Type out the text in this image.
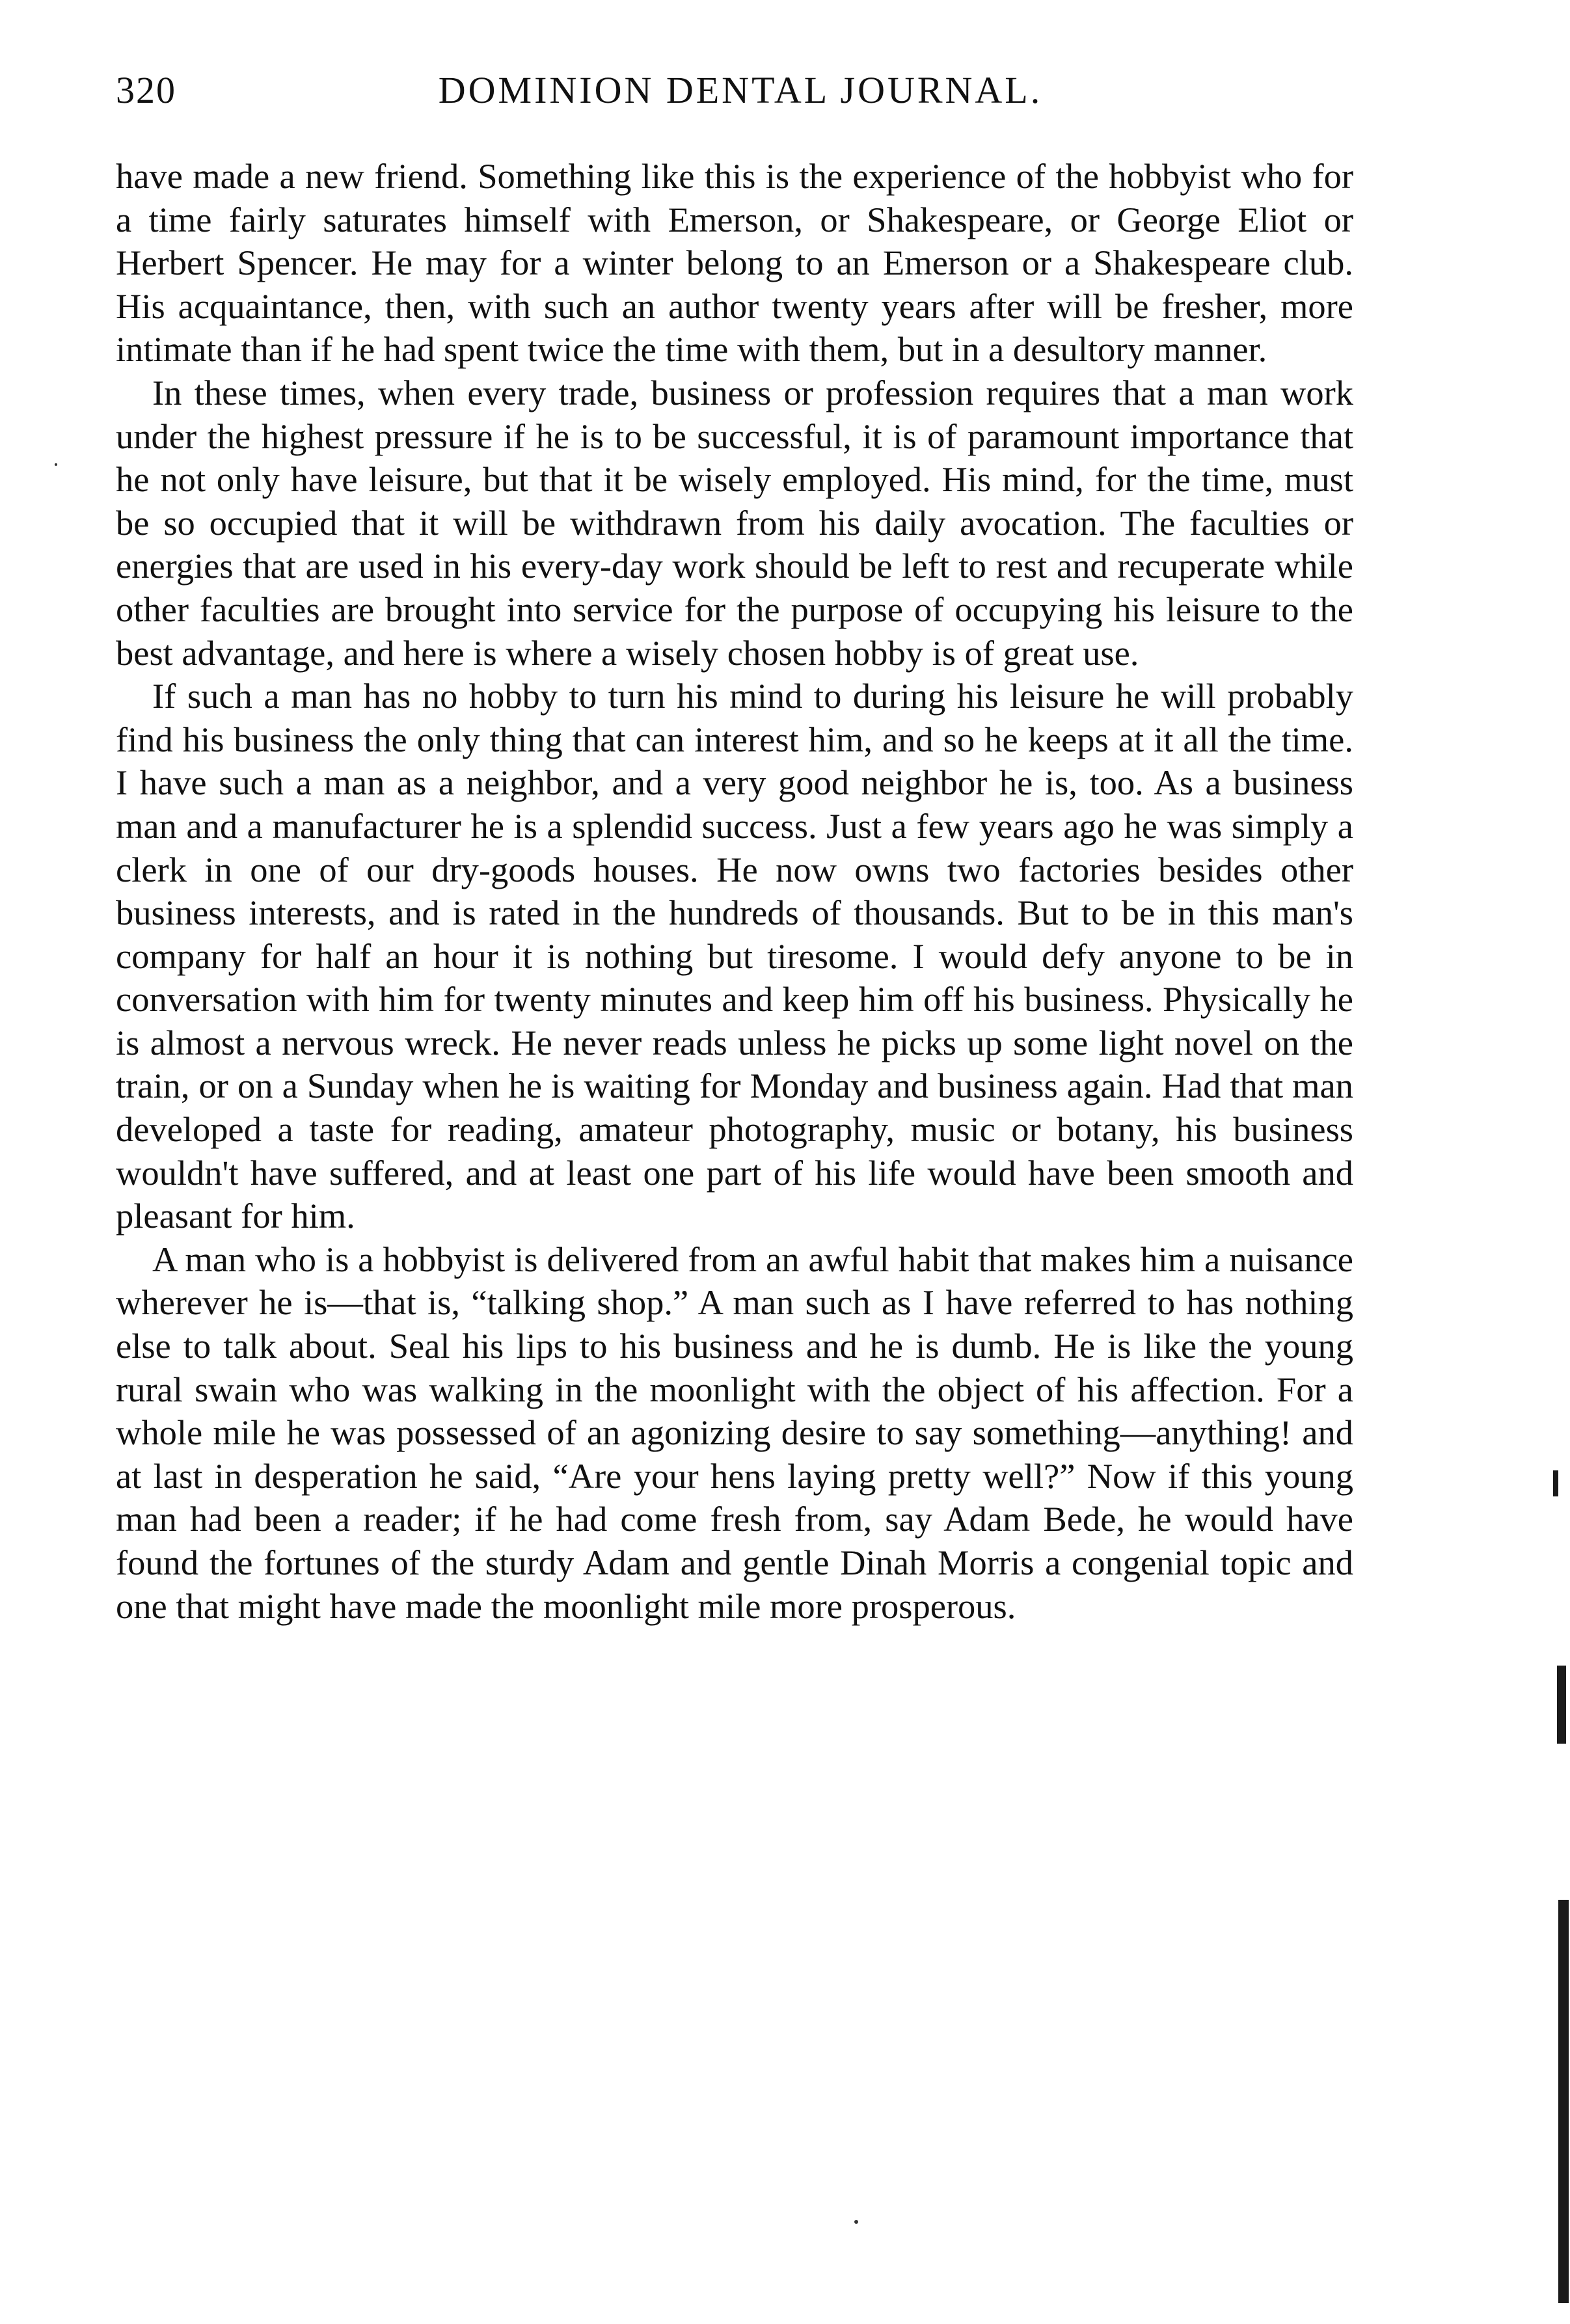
320	DOMINION DENTAL JOURNAL.

have made a new friend. Something like this is the experience of the hobbyist who for a time fairly saturates himself with Emerson, or Shakespeare, or George Eliot or Herbert Spencer. He may for a winter belong to an Emerson or a Shakespeare club. His acquaintance, then, with such an author twenty years after will be fresher, more intimate than if he had spent twice the time with them, but in a desultory manner.

In these times, when every trade, business or profession requires that a man work under the highest pressure if he is to be successful, it is of paramount importance that he not only have leisure, but that it be wisely employed. His mind, for the time, must be so occupied that it will be withdrawn from his daily avocation. The faculties or energies that are used in his every-day work should be left to rest and recuperate while other faculties are brought into service for the purpose of occupying his leisure to the best advantage, and here is where a wisely chosen hobby is of great use.

If such a man has no hobby to turn his mind to during his leisure he will probably find his business the only thing that can interest him, and so he keeps at it all the time. I have such a man as a neighbor, and a very good neighbor he is, too. As a business man and a manufacturer he is a splendid success. Just a few years ago he was simply a clerk in one of our dry-goods houses. He now owns two factories besides other business interests, and is rated in the hundreds of thousands. But to be in this man's company for half an hour it is nothing but tiresome. I would defy anyone to be in conversation with him for twenty minutes and keep him off his business. Physically he is almost a nervous wreck. He never reads unless he picks up some light novel on the train, or on a Sunday when he is waiting for Monday and business again. Had that man developed a taste for reading, amateur photography, music or botany, his business wouldn't have suffered, and at least one part of his life would have been smooth and pleasant for him.

A man who is a hobbyist is delivered from an awful habit that makes him a nuisance wherever he is—that is, “talking shop.” A man such as I have referred to has nothing else to talk about. Seal his lips to his business and he is dumb. He is like the young rural swain who was walking in the moonlight with the object of his affection. For a whole mile he was possessed of an agonizing desire to say something—anything! and at last in desperation he said, “Are your hens laying pretty well?” Now if this young man had been a reader; if he had come fresh from, say Adam Bede, he would have found the fortunes of the sturdy Adam and gentle Dinah Morris a congenial topic and one that might have made the moonlight mile more prosperous.
